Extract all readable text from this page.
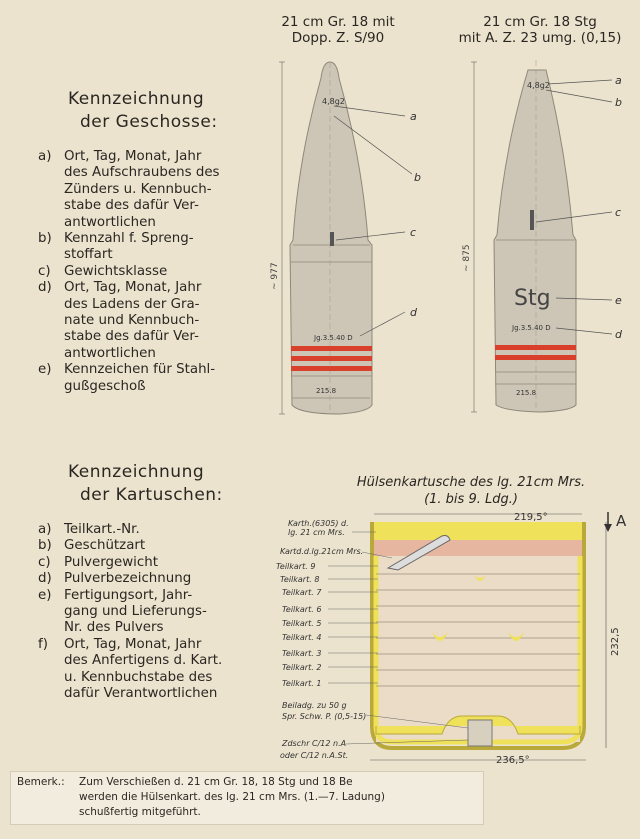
Kennzeichnung
der Geschosse:
a) Ort, Tag, Monat, Jahr
des Aufschraubens des
Zünders u. Kennbuch-
stabe des dafür Ver-
antwortlichen
b) Kennzahl f. Spreng-
stoffart
c)	Gewichtsklasse
d) Ort, Tag, Monat, Jahr
des Ladens der Gra-
nate und Kennbuch-
stabe des dafür Ver-
antwortlichen
e) Kennzeichen für Stahl-
gußgeschoß
Kennzeichnung
der Kartuschen:
a) Teilkart.-Nr.
b) Geschützart
c)	Pulvergewicht
d) Pulverbezeichnung
e) Fertigungsort, Jahr-
gang und Lieferungs-
Nr. des Pulvers
f)	Ort, Tag, Monat, Jahr
des Anfertigens d. Kart.
u. Kennbuchstabe des
dafür Verantwortlichen
21 cm Gr. 18 mit
Dopp. Z. S/90
21 cm Gr. 18 Stg
mit A. Z. 23 umg. (0,15)
~ 977
4,8g2
Jg.3.5.40 D
215.8
a
b
c
d
~ 875
4,8g2
Stg
Jg.3.5.40 D
215.8
a
b
c
e
d
Hülsenkartusche des lg. 21cm Mrs.
(1. bis 9. Ldg.)
219,5°
232,5
236,5°
A
Karth.(6305) d.
lg. 21 cm Mrs.
Kartd.d.lg.21cm Mrs.
Teilkart. 9
Teilkart. 8
Teilkart. 7
Teilkart. 6
Teilkart. 5
Teilkart. 4
Teilkart. 3
Teilkart. 2
Teilkart. 1
Beiladg. zu 50 g
Spr. Schw. P. (0,5-15)
Zdschr C/12 n.A
oder C/12 n.A.St.
Bemerk.:	Zum Verschießen d. 21 cm Gr. 18, 18 Stg und 18 Be
werden die Hülsenkart. des lg. 21 cm Mrs. (1.—7. Ladung)
schußfertig mitgeführt.
